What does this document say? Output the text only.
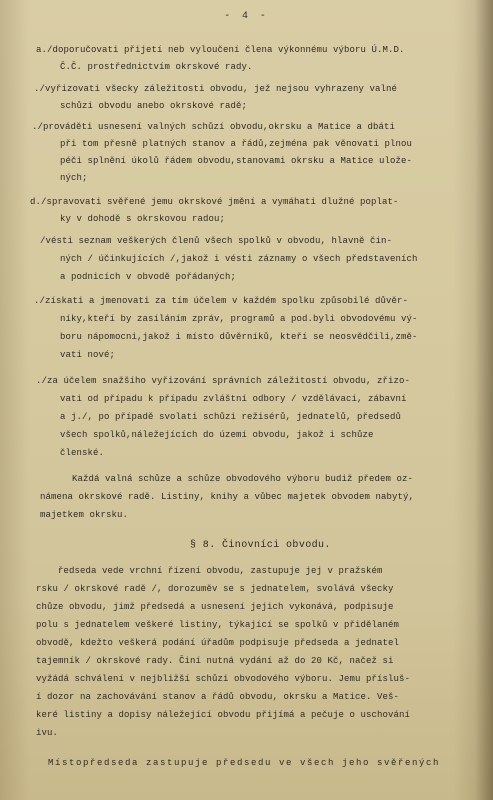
- 4 -
a./doporučovati přijetí neb vyloučení člena výkonnému výboru Ú.M.D.
Č.Č. prostřednictvím okrskové rady.
./vyřizovati všecky záležitosti obvodu, jež nejsou vyhrazeny valné
schůzi obvodu anebo okrskové radě;
./prováděti usnesení valných schůzí obvodu,okrsku a Matice a dbáti
při tom přesně platných stanov a řádů,zejména pak věnovati plnou
péči splnění úkolů řádem obvodu,stanovami okrsku a Matice ulože-
ných;
d./spravovati svěřené jemu okrskové jmění a vymáhati dlužné poplat-
ky v dohodě s okrskovou radou;
/vésti seznam veškerých členů všech spolků v obvodu, hlavně čin-
ných / účinkujících /,jakož i vésti záznamy o všech představeních
a podnicích v obvodě pořádaných;
./získati a jmenovati za tím účelem v každém spolku způsobilé důvěr-
níky,kteří by zasíláním zpráv, programů a pod.byli obvodovému vý-
boru nápomocni,jakož i místo důvěrníků, kteří se neosvědčili,změ-
vati nové;
./za účelem snažšího vyřizování správních záležitostí obvodu, zřizo-
vati od případu k případu zvláštní odbory / vzdělávací, zábavní
a j./, po případě svolati schůzi režisérů, jednatelů, předsedů
všech spolků,náležejících do území obvodu, jakož i schůze
členské.
Každá valná schůze a schůze obvodového výboru budiž předem oz-
námena okrskové radě. Listiny, knihy a vůbec majetek obvodem nabytý,
majetkem okrsku.
§ 8. Činovníci obvodu.
ředseda vede vrchní řízení obvodu, zastupuje jej v pražském
rsku / okrskové radě /, dorozuměv se s jednatelem, svolává všecky
chůze obvodu, jimž předsedá a usnesení jejich vykonává, podpisuje
polu s jednatelem veškeré listiny, týkající se spolků v přidělaném
obvodě, kdežto veškerá podání úřadům podpisuje předseda a jednatel
tajemník / okrskové rady. Činí nutná vydání až do 20 Kč, načež si
vyžádá schválení v nejbližší schůzi obvodového výboru. Jemu přísluš-
í dozor na zachovávání stanov a řádů obvodu, okrsku a Matice. Veš-
keré listiny a dopisy náležející obvodu přijímá a pečuje o uschování
ivu.
Místopředseda zastupuje předsedu ve všech jeho svěřených
